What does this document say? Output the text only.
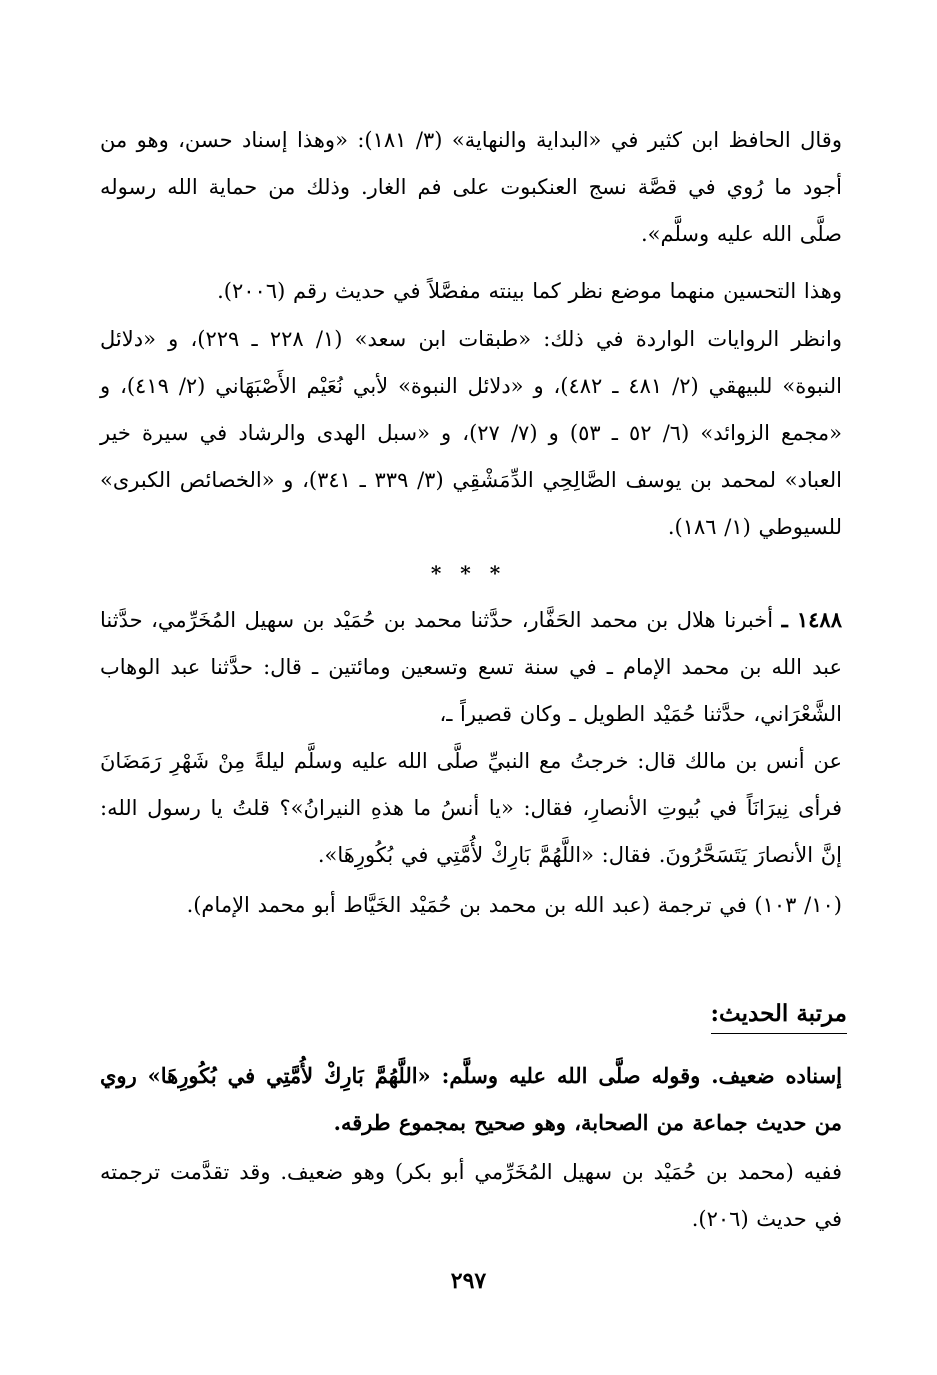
وقال الحافظ ابن كثير في «البداية والنهاية» (٣/ ١٨١): «وهذا إسناد حسن، وهو من أجود ما رُوي في قصَّة نسج العنكبوت على فم الغار. وذلك من حماية الله رسوله صلَّى الله عليه وسلَّم».
وهذا التحسين منهما موضع نظر كما بينته مفصَّلاً في حديث رقم (٢٠٠٦).
وانظر الروايات الواردة في ذلك: «طبقات ابن سعد» (١/ ٢٢٨ ـ ٢٢٩)، و «دلائل النبوة» للبيهقي (٢/ ٤٨١ ـ ٤٨٢)، و «دلائل النبوة» لأبي نُعَيْم الأَصْبَهَاني (٢/ ٤١٩)، و «مجمع الزوائد» (٦/ ٥٢ ـ ٥٣) و (٧/ ٢٧)، و «سبل الهدى والرشاد في سيرة خير العباد» لمحمد بن يوسف الصَّالِحِي الدِّمَشْقِي (٣/ ٣٣٩ ـ ٣٤١)، و «الخصائص الكبرى» للسيوطي (١/ ١٨٦).
* * *
١٤٨٨ ـ أخبرنا هلال بن محمد الحَفَّار، حدَّثنا محمد بن حُمَيْد بن سهيل المُخَرِّمي، حدَّثنا عبد الله بن محمد الإمام ـ في سنة تسع وتسعين ومائتين ـ قال: حدَّثنا عبد الوهاب الشَّعْرَاني، حدَّثنا حُمَيْد الطويل ـ وكان قصيراً ـ،
عن أنس بن مالك قال: خرجتُ مع النبيِّ صلَّى الله عليه وسلَّم ليلةً مِنْ شَهْرِ رَمَضَانَ فرأى نِيرَانَاً في بُيوتِ الأنصارِ، فقال: «يا أنسُ ما هذهِ النيرانُ»؟ قلتُ يا رسول الله: إنَّ الأنصارَ يَتَسَحَّرُونَ. فقال: «اللَّهُمَّ بَارِكْ لأُمَّتِي في بُكُورِهَا».
(١٠/ ١٠٣) في ترجمة (عبد الله بن محمد بن حُمَيْد الخَيَّاط أبو محمد الإمام).
مرتبة الحديث:
إسناده ضعيف. وقوله صلَّى الله عليه وسلَّم: «اللَّهُمَّ بَارِكْ لأُمَّتِي في بُكُورِهَا» روي من حديث جماعة من الصحابة، وهو صحيح بمجموع طرقه.
ففيه (محمد بن حُمَيْد بن سهيل المُخَرِّمي أبو بكر) وهو ضعيف. وقد تقدَّمت ترجمته في حديث (٢٠٦).
٢٩٧
